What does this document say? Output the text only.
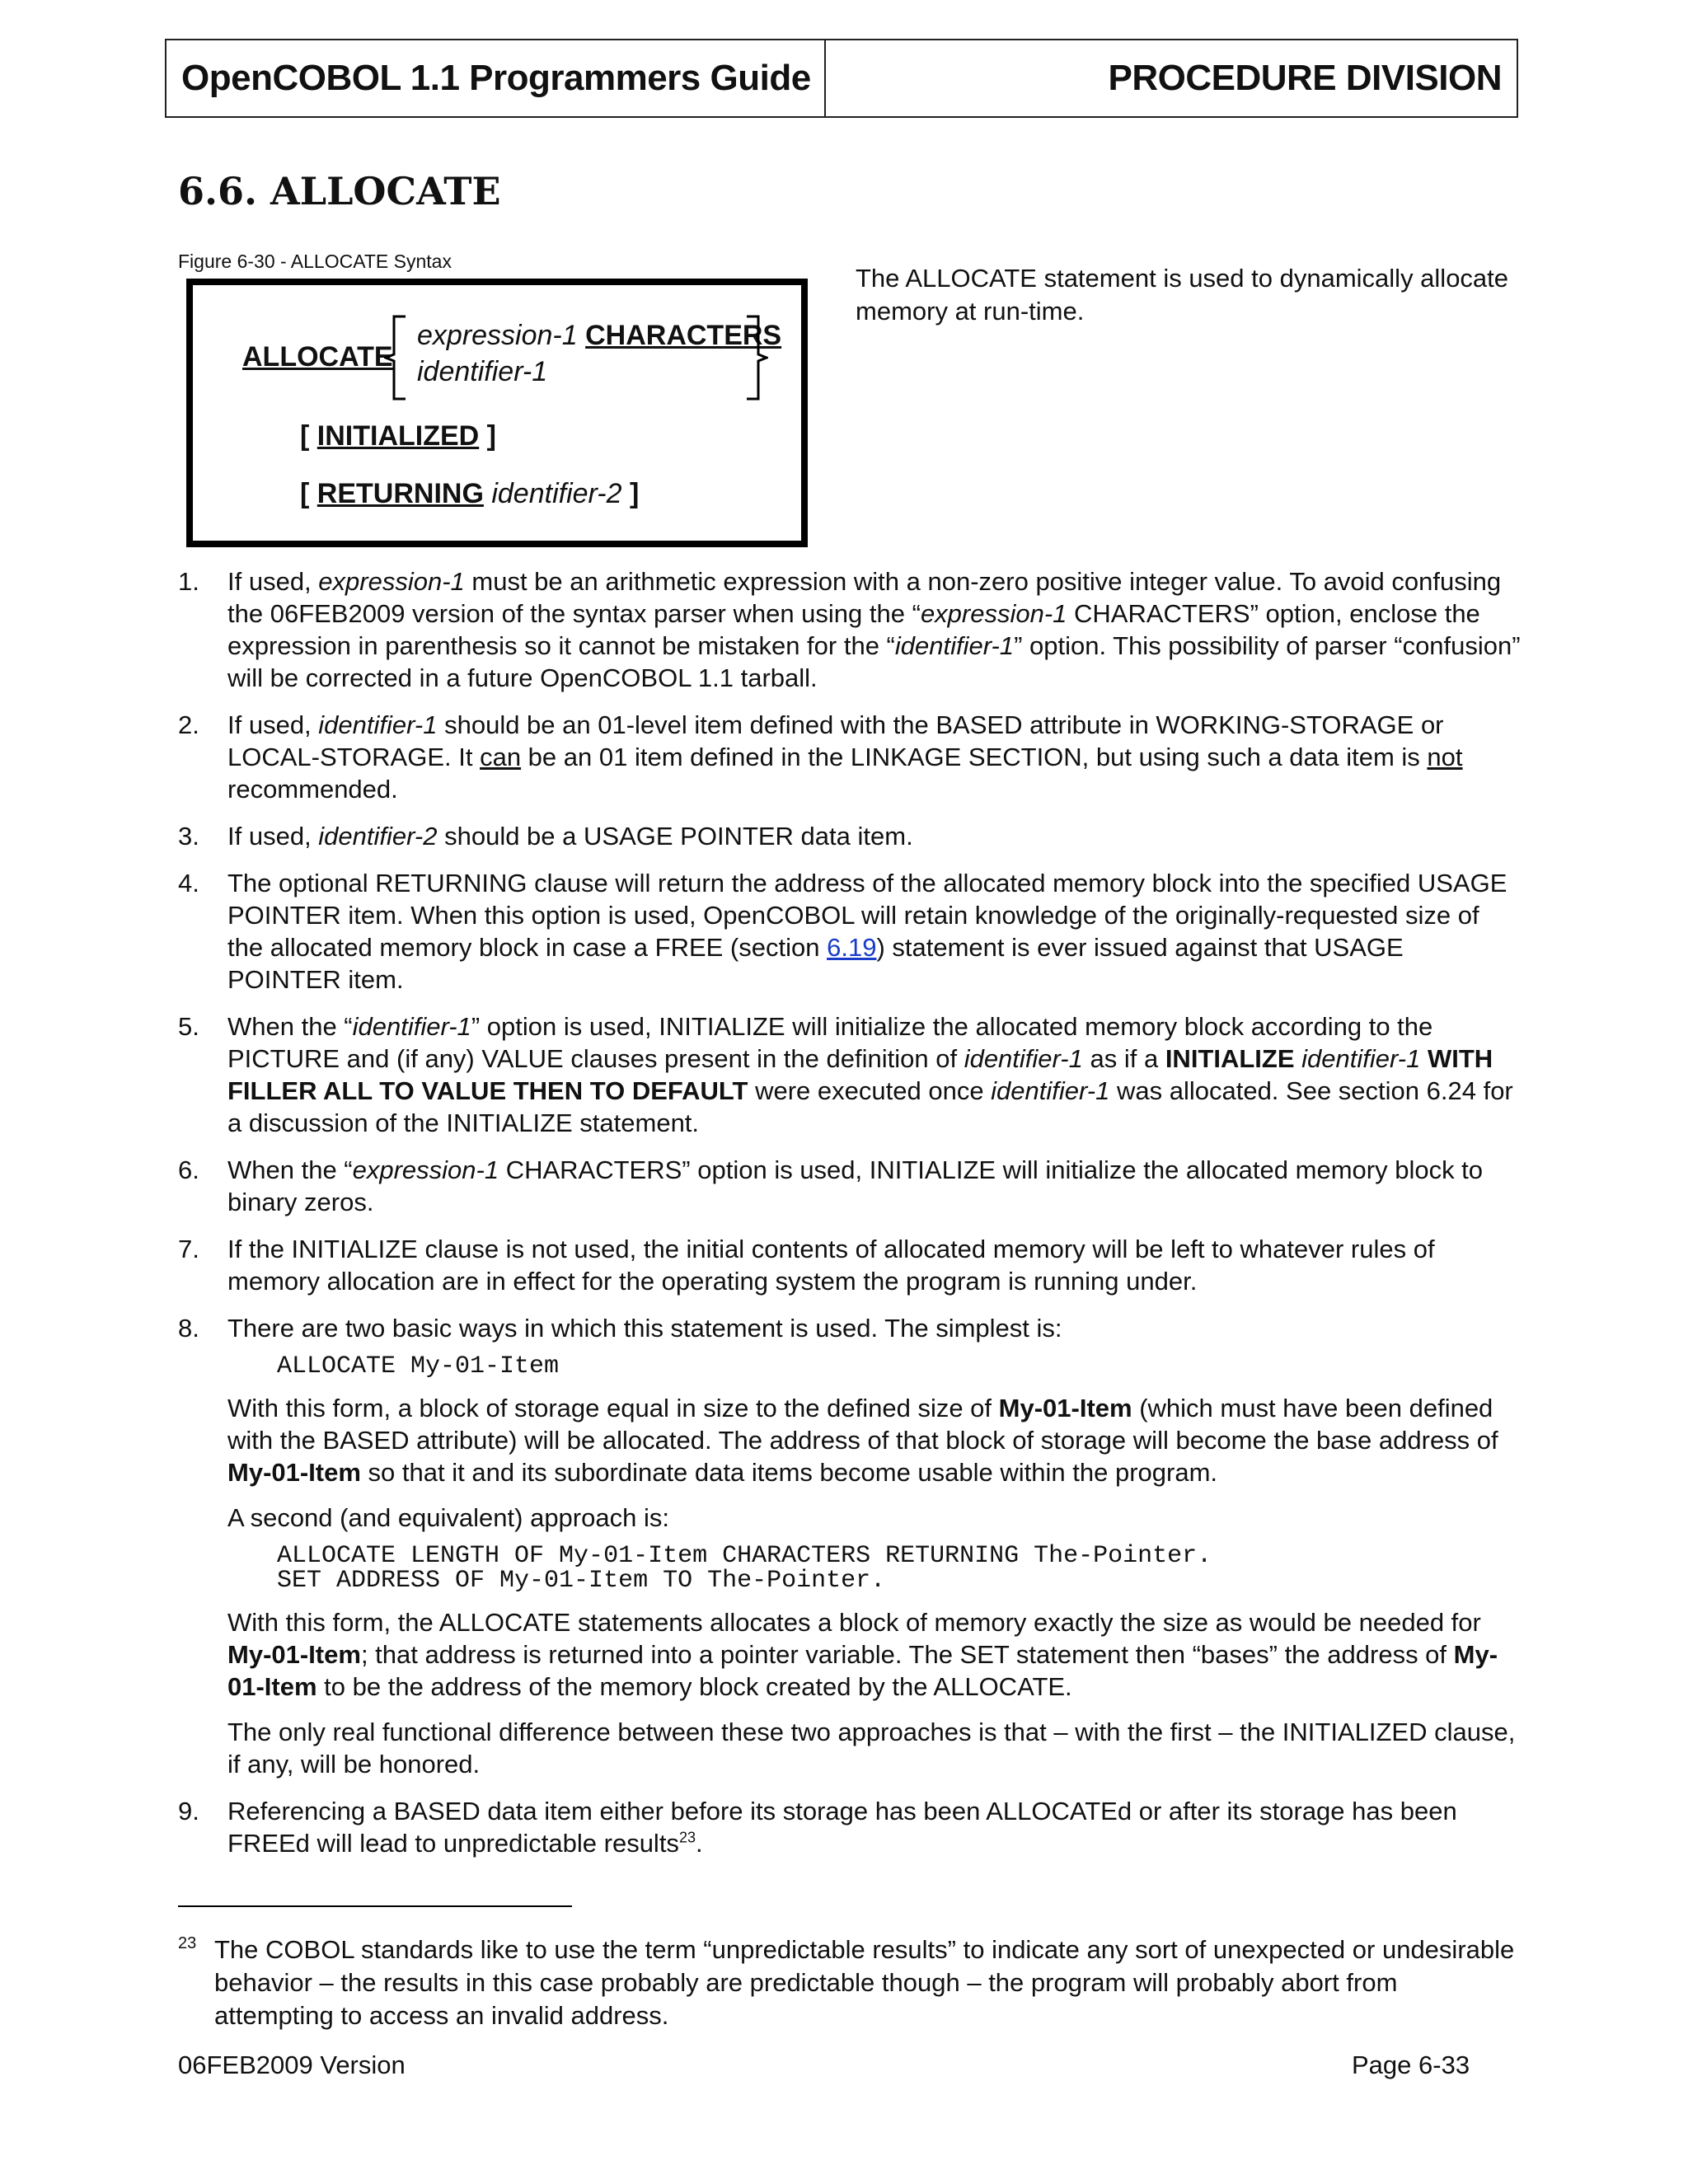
OpenCOBOL 1.1 Programmers Guide	PROCEDURE DIVISION
6.6. ALLOCATE
Figure 6-30 - ALLOCATE Syntax
ALLOCATE
expression-1 CHARACTERS
identifier-1
[ INITIALIZED ]
[ RETURNING identifier-2 ]

The ALLOCATE statement is used to dynamically allocate memory at run-time.

1. If used, expression-1 must be an arithmetic expression with a non-zero positive integer value. To avoid confusing the 06FEB2009 version of the syntax parser when using the “expression-1 CHARACTERS” option, enclose the expression in parenthesis so it cannot be mistaken for the “identifier-1” option. This possibility of parser “confusion” will be corrected in a future OpenCOBOL 1.1 tarball.

2. If used, identifier-1 should be an 01-level item defined with the BASED attribute in WORKING-STORAGE or LOCAL-STORAGE. It can be an 01 item defined in the LINKAGE SECTION, but using such a data item is not recommended.

3. If used, identifier-2 should be a USAGE POINTER data item.

4. The optional RETURNING clause will return the address of the allocated memory block into the specified USAGE POINTER item. When this option is used, OpenCOBOL will retain knowledge of the originally-requested size of the allocated memory block in case a FREE (section 6.19) statement is ever issued against that USAGE POINTER item.

5. When the “identifier-1” option is used, INITIALIZE will initialize the allocated memory block according to the PICTURE and (if any) VALUE clauses present in the definition of identifier-1 as if a INITIALIZE identifier-1 WITH FILLER ALL TO VALUE THEN TO DEFAULT were executed once identifier-1 was allocated. See section 6.24 for a discussion of the INITIALIZE statement.

6. When the “expression-1 CHARACTERS” option is used, INITIALIZE will initialize the allocated memory block to binary zeros.

7. If the INITIALIZE clause is not used, the initial contents of allocated memory will be left to whatever rules of memory allocation are in effect for the operating system the program is running under.

8. There are two basic ways in which this statement is used. The simplest is:

ALLOCATE My-01-Item

With this form, a block of storage equal in size to the defined size of My-01-Item (which must have been defined with the BASED attribute) will be allocated. The address of that block of storage will become the base address of My-01-Item so that it and its subordinate data items become usable within the program.

A second (and equivalent) approach is:

ALLOCATE LENGTH OF My-01-Item CHARACTERS RETURNING The-Pointer.
SET ADDRESS OF My-01-Item TO The-Pointer.

With this form, the ALLOCATE statements allocates a block of memory exactly the size as would be needed for My-01-Item; that address is returned into a pointer variable. The SET statement then “bases” the address of My-01-Item to be the address of the memory block created by the ALLOCATE.

The only real functional difference between these two approaches is that – with the first – the INITIALIZED clause, if any, will be honored.

9. Referencing a BASED data item either before its storage has been ALLOCATEd or after its storage has been FREEd will lead to unpredictable results$^{23}$.

23 The COBOL standards like to use the term “unpredictable results” to indicate any sort of unexpected or undesirable behavior – the results in this case probably are predictable though – the program will probably abort from attempting to access an invalid address.

06FEB2009 Version	Page 6-33
